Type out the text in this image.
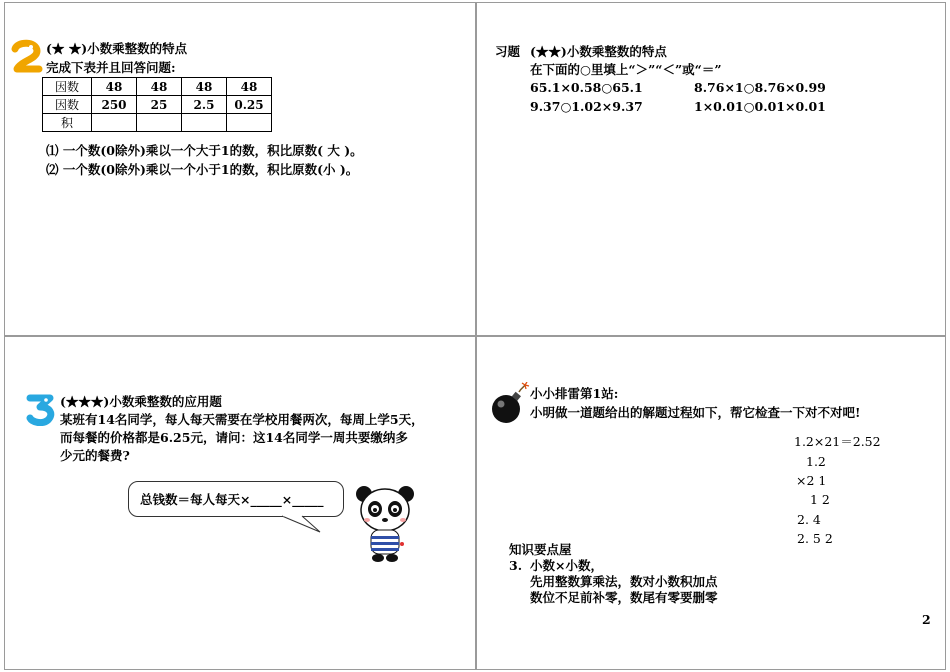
(★ ★)小数乘整数的特点
完成下表并且回答问题:
因数	48	48	48	48
因数	250	25	2.5	0.25
积				
⑴ 一个数(0除外)乘以一个大于1的数，积比原数( 大 )。
⑵ 一个数(0除外)乘以一个小于1的数，积比原数(小 )。
习题 (★★)小数乘整数的特点
在下面的○里填上“＞”“＜”或“＝”
65.1×0.58○65.1	8.76×1○8.76×0.99
9.37○1.02×9.37	1×0.01○0.01×0.01
(★★★)小数乘整数的应用题
某班有14名同学，每人每天需要在学校用餐两次，每周上学5天，
而每餐的价格都是6.25元，请问：这14名同学一周共要缴纳多
少元的餐费?
总钱数＝每人每天×_____×_____
小小排雷第1站:
小明做一道题给出的解题过程如下，帮它检查一下对不对吧!
1.2×21＝2.52
1.2
×2 1
1 2
2. 4
2. 5 2
知识要点屋
3. 小数×小数，
先用整数算乘法，数对小数积加点
数位不足前补零，数尾有零要删零
2
